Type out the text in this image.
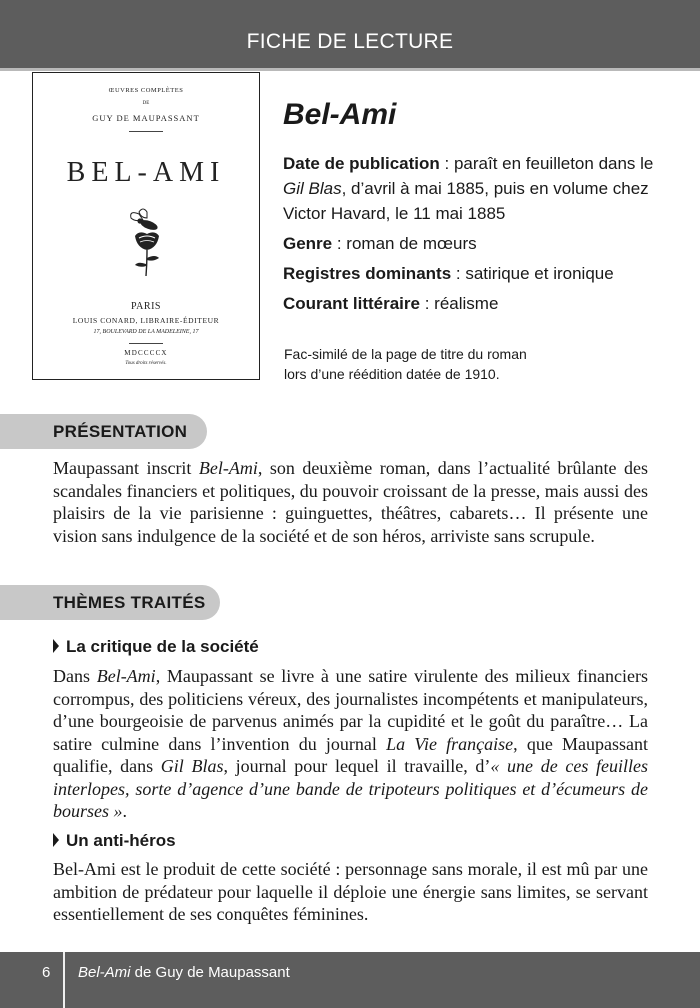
FICHE DE LECTURE
ŒUVRES COMPLÈTES
DE
GUY DE MAUPASSANT
BEL-AMI
PARIS
LOUIS CONARD, LIBRAIRE-ÉDITEUR
17, BOULEVARD DE LA MADELEINE, 17
MDCCCCX
Tous droits réservés.
Bel-Ami

Date de publication : paraît en feuilleton dans le Gil Blas, d’avril à mai 1885, puis en volume chez Victor Havard, le 11 mai 1885

Genre : roman de mœurs

Registres dominants : satirique et ironique

Courant littéraire : réalisme

Fac-similé de la page de titre du roman
lors d’une réédition datée de 1910.
PRÉSENTATION

Maupassant inscrit Bel-Ami, son deuxième roman, dans l’actualité brûlante des scandales financiers et politiques, du pouvoir croissant de la presse, mais aussi des plaisirs de la vie parisienne : guinguettes, théâtres, cabarets… Il présente une vision sans indulgence de la société et de son héros, arriviste sans scrupule.

THÈMES TRAITÉS
La critique de la société

Dans Bel-Ami, Maupassant se livre à une satire virulente des milieux financiers corrompus, des politiciens véreux, des journalistes incompétents et manipulateurs, d’une bourgeoisie de parvenus animés par la cupidité et le goût du paraître… La satire culmine dans l’invention du journal La Vie française, que Maupassant qualifie, dans Gil Blas, journal pour lequel il travaille, d’« une de ces feuilles interlopes, sorte d’agence d’une bande de tripoteurs politiques et d’écumeurs de bourses ».

Un anti-héros

Bel-Ami est le produit de cette société : personnage sans morale, il est mû par une ambition de prédateur pour laquelle il déploie une énergie sans limites, se servant essentiellement de ses conquêtes féminines.

6 Bel-Ami de Guy de Maupassant
